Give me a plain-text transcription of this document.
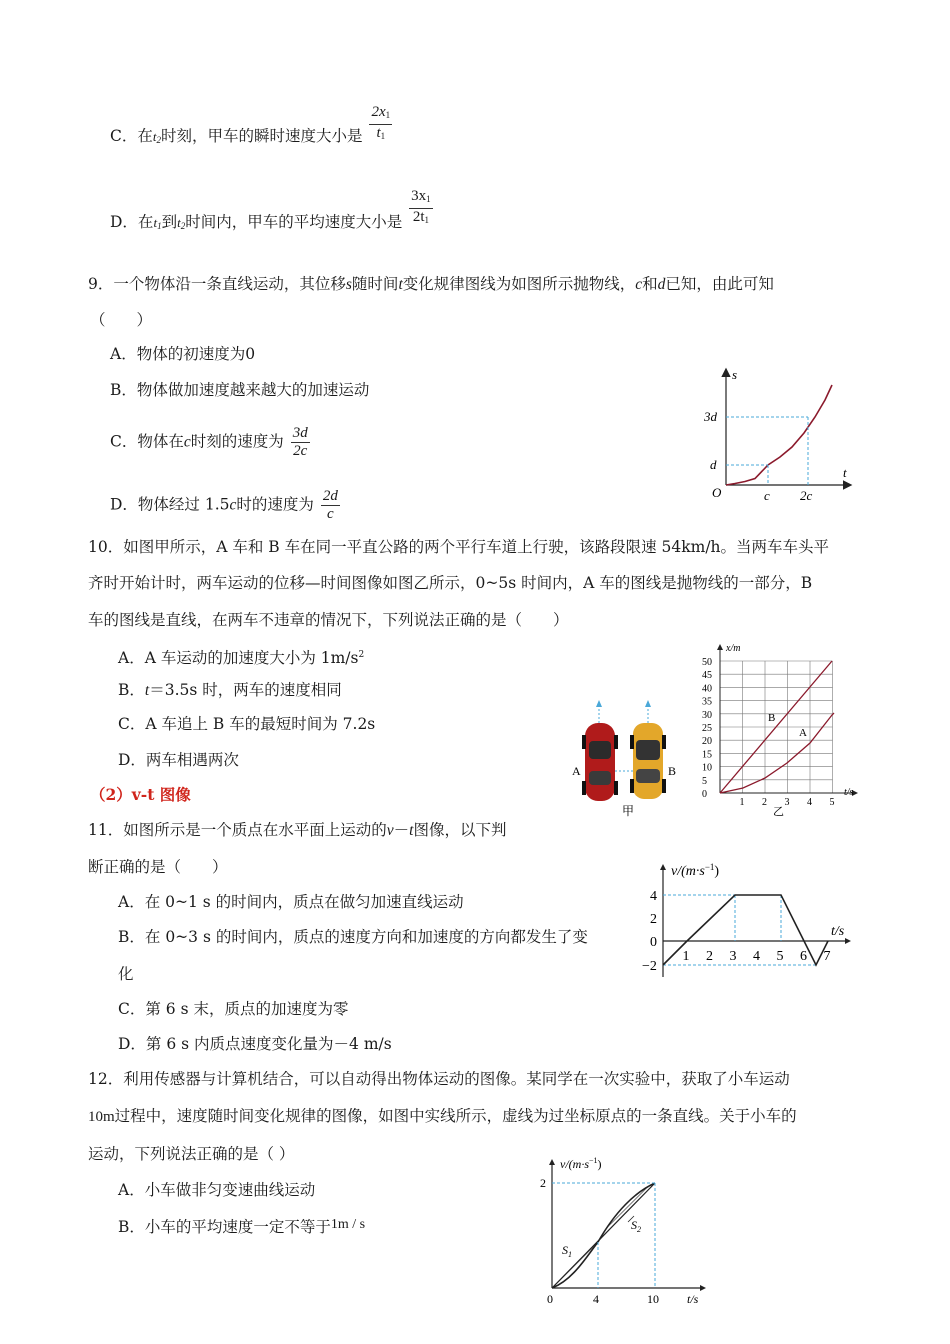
C．在$t_2$时刻，甲车的瞬时速度大小是 $\frac{2x_1}{t_1}$
D．在$t_1$到$t_2$时间内，甲车的平均速度大小是 $\frac{3x_1}{2t_1}$
9．一个物体沿一条直线运动，其位移s随时间t变化规律图线为如图所示抛物线，c和d已知，由此可知
（　　）
A．物体的初速度为0
B．物体做加速度越来越大的加速运动
C．物体在c时刻的速度为 $\frac{3d}{2c}$
D．物体经过 1.5c时的速度为 $\frac{2d}{c}$
s
t
O
d
3d
c 2c
10．如图甲所示，A 车和 B 车在同一平直公路的两个平行车道上行驶，该路段限速 54km/h。当两车车头平
齐时开始计时，两车运动的位移—时间图像如图乙所示，0~5s 时间内，A 车的图线是抛物线的一部分，B
车的图线是直线，在两车不违章的情况下，下列说法正确的是（　　）
A．A 车运动的加速度大小为 $1m/s^2$
B．t＝3.5s 时，两车的速度相同
C．A 车追上 B 车的最短时间为 7.2s
D．两车相遇两次
A	B
甲
x/m
t/s
50
45
40
35
30
25
20
15
10
5
0
1 2 3 4 5
B
A
乙
（2）v-t 图像
11．如图所示是一个质点在水平面上运动的v－t图像，以下判
断正确的是（　　）
A．在 0~1 s 的时间内，质点在做匀加速直线运动
B．在 0~3 s 的时间内，质点的速度方向和加速度的方向都发生了变
化
C．第 6 s 末，质点的加速度为零
D．第 6 s 内质点速度变化量为－4 m/s
$v/(m\cdot s^{-1})$
t/s
4
2
0
−2
1 2 3 4 5 6 7
12．利用传感器与计算机结合，可以自动得出物体运动的图像。某同学在一次实验中，获取了小车运动
10m过程中，速度随时间变化规律的图像，如图中实线所示，虚线为过坐标原点的一条直线。关于小车的
运动，下列说法正确的是（ ）
A．小车做非匀变速曲线运动
B．小车的平均速度一定不等于1m / s
$v/(m\cdot s^{-1})$
2
0	4	10 t/s
$S_1$
$S_2$
